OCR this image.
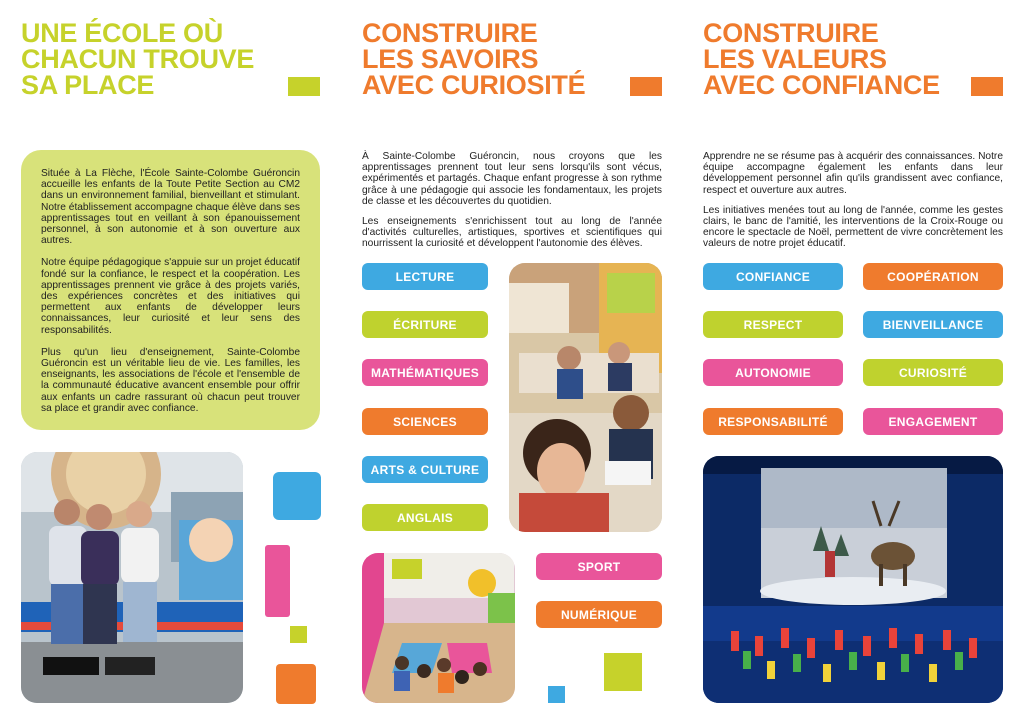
UNE ÉCOLE OÙ
CHACUN TROUVE
SA PLACE

Située à La Flèche, l'École Sainte-Colombe Guéroncin accueille les enfants de la Toute Petite Section au CM2 dans un environnement familial, bienveillant et stimulant. Notre établissement accompagne chaque élève dans ses apprentissages tout en veillant à son épanouissement personnel, à son autonomie et à son ouverture aux autres.

Notre équipe pédagogique s'appuie sur un projet éducatif fondé sur la confiance, le respect et la coopération. Les apprentissages prennent vie grâce à des projets variés, des expériences concrètes et des initiatives qui permettent aux enfants de développer leurs connaissances, leur curiosité et leur sens des responsabilités.

Plus qu'un lieu d'enseignement, Sainte-Colombe Guéroncin est un véritable lieu de vie. Les familles, les enseignants, les associations de l'école et l'ensemble de la communauté éducative avancent ensemble pour offrir aux enfants un cadre rassurant où chacun peut trouver sa place et grandir avec confiance.

CONSTRUIRE
LES SAVOIRS
AVEC CURIOSITÉ

À Sainte-Colombe Guéroncin, nous croyons que les apprentissages prennent tout leur sens lorsqu'ils sont vécus, expérimentés et partagés. Chaque enfant progresse à son rythme grâce à une pédagogie qui associe les fondamentaux, les projets de classe et les découvertes du quotidien.

Les enseignements s'enrichissent tout au long de l'année d'activités culturelles, artistiques, sportives et scientifiques qui nourrissent la curiosité et développent l'autonomie des élèves.

LECTURE
ÉCRITURE
MATHÉMATIQUES
SCIENCES
ARTS & CULTURE
ANGLAIS
SPORT
NUMÉRIQUE
CONSTRUIRE
LES VALEURS
AVEC CONFIANCE

Apprendre ne se résume pas à acquérir des connaissances. Notre équipe accompagne également les enfants dans leur développement personnel afin qu'ils grandissent avec confiance, respect et ouverture aux autres.

Les initiatives menées tout au long de l'année, comme les gestes clairs, le banc de l'amitié, les interventions de la Croix-Rouge ou encore le spectacle de Noël, permettent de vivre concrètement les valeurs de notre projet éducatif.

CONFIANCE	COOPÉRATION
RESPECT	BIENVEILLANCE
AUTONOMIE	CURIOSITÉ
RESPONSABILITÉ	ENGAGEMENT
